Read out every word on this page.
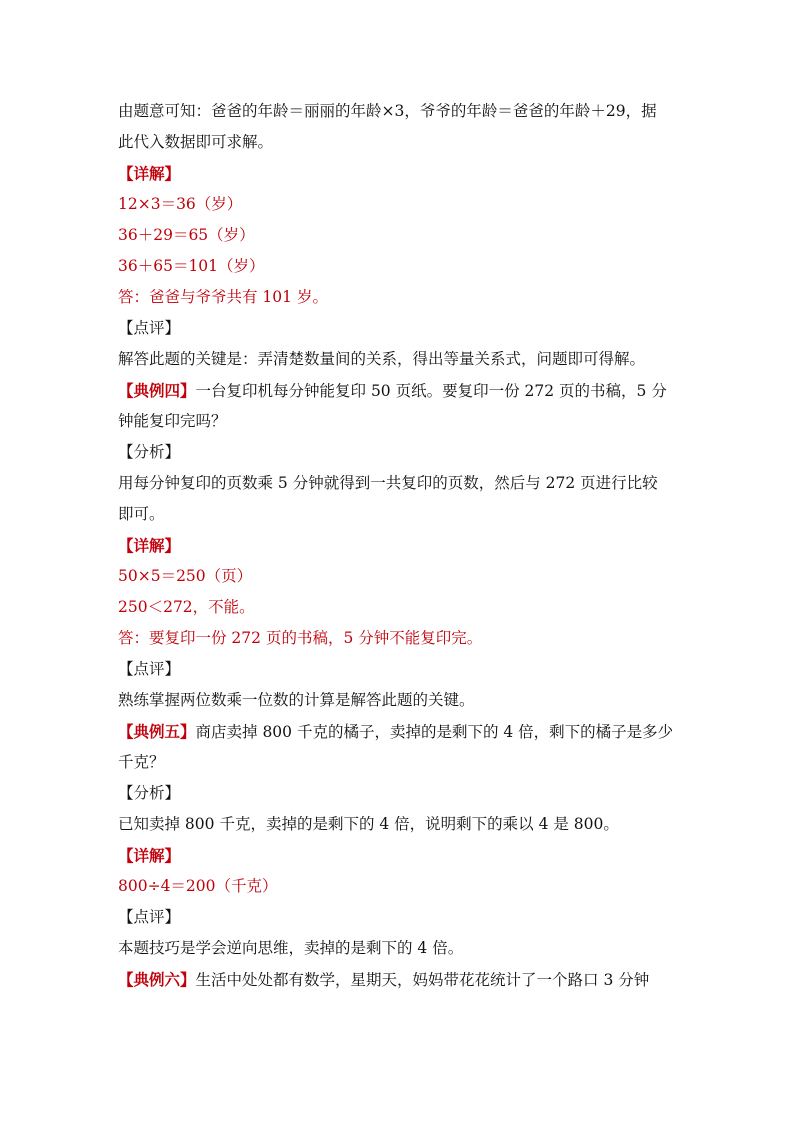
由题意可知：爸爸的年龄＝丽丽的年龄×3，爷爷的年龄＝爸爸的年龄＋29，据
此代入数据即可求解。
【详解】
12×3＝36（岁）
36＋29＝65（岁）
36＋65＝101（岁）
答：爸爸与爷爷共有 101 岁。
【点评】
解答此题的关键是：弄清楚数量间的关系，得出等量关系式，问题即可得解。
【典例四】一台复印机每分钟能复印 50 页纸。要复印一份 272 页的书稿，5 分
钟能复印完吗？
【分析】
用每分钟复印的页数乘 5 分钟就得到一共复印的页数，然后与 272 页进行比较
即可。
【详解】
50×5＝250（页）
250＜272，不能。
答：要复印一份 272 页的书稿，5 分钟不能复印完。
【点评】
熟练掌握两位数乘一位数的计算是解答此题的关键。
【典例五】商店卖掉 800 千克的橘子，卖掉的是剩下的 4 倍，剩下的橘子是多少
千克？
【分析】
已知卖掉 800 千克，卖掉的是剩下的 4 倍，说明剩下的乘以 4 是 800。
【详解】
800÷4＝200（千克）
【点评】
本题技巧是学会逆向思维，卖掉的是剩下的 4 倍。
【典例六】生活中处处都有数学，星期天，妈妈带花花统计了一个路口 3 分钟
